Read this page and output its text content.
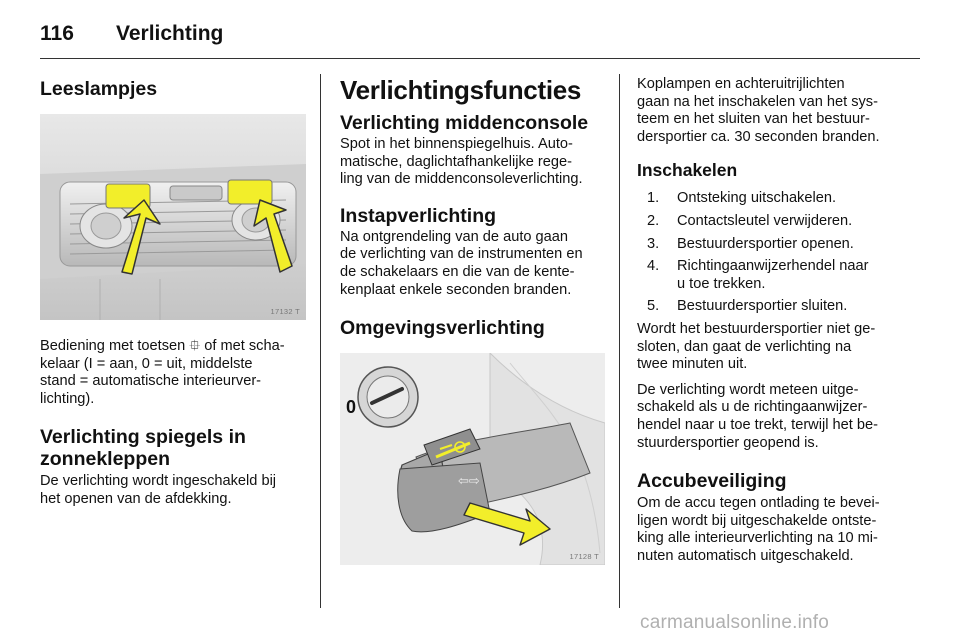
116 Verlichting
Leeslampjes
17132 T

Bediening met toetsen ⯐ of met scha-

kelaar (I = aan, 0 = uit, middelste

stand = automatische interieurver-

lichting).

Verlichting spiegels in
zonnekleppen

De verlichting wordt ingeschakeld bij

het openen van de afdekking.

Verlichtingsfuncties
Verlichting middenconsole

Spot in het binnenspiegelhuis. Auto-

matische, daglichtafhankelijke rege-

ling van de middenconsoleverlichting.

Instapverlichting

Na ontgrendeling van de auto gaan

de verlichting van de instrumenten en

de schakelaars en die van de kente-

kenplaat enkele seconden branden.

Omgevingsverlichting
0
⇦⇨
17128 T

Koplampen en achteruitrijlichten

gaan na het inschakelen van het sys-

teem en het sluiten van het bestuur-

dersportier ca. 30 seconden branden.

Inschakelen
1. Ontsteking uitschakelen.
2. Contactsleutel verwijderen.
3. Bestuurdersportier openen.
4. Richtingaanwijzerhendel naar
u toe trekken.
5. Bestuurdersportier sluiten.

Wordt het bestuurdersportier niet ge-

sloten, dan gaat de verlichting na

twee minuten uit.

De verlichting wordt meteen uitge-

schakeld als u de richtingaanwijzer-

hendel naar u toe trekt, terwijl het be-

stuurdersportier geopend is.

Accubeveiliging

Om de accu tegen ontlading te bevei-

ligen wordt bij uitgeschakelde ontste-

king alle interieurverlichting na 10 mi-

nuten automatisch uitgeschakeld.

carmanualsonline.info
